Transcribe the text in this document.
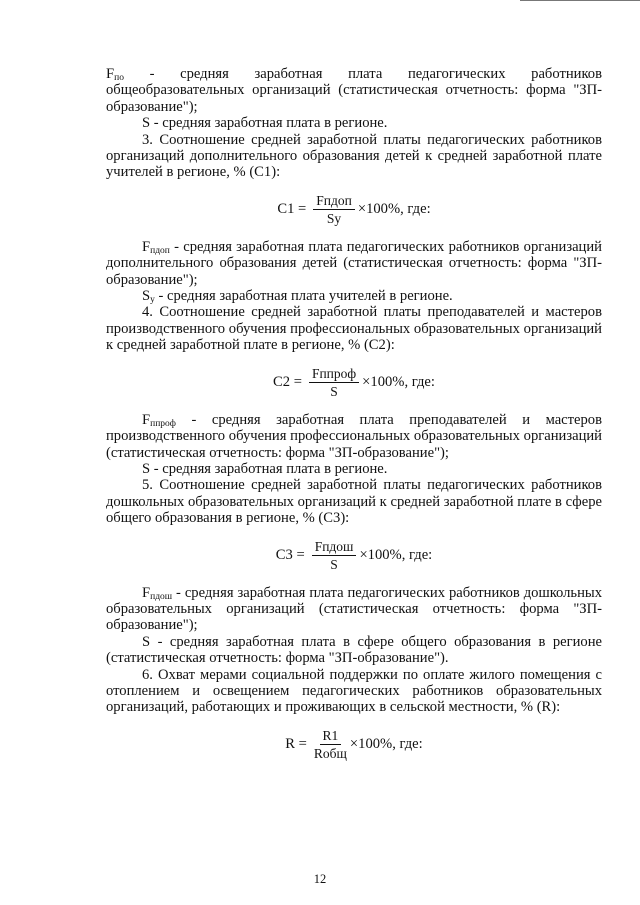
$F_{по}$ - средняя заработная плата педагогических работников общеобразовательных организаций (статистическая отчетность: форма "ЗП-образование");

S - средняя заработная плата в регионе.

3. Соотношение средней заработной платы педагогических работников организаций дополнительного образования детей к средней заработной плате учителей в регионе, % (С1):

$С1 = \frac{\text{Fпдоп}}{Sy} \times 100\%$, где:

$F_{пдоп}$ - средняя заработная плата педагогических работников организаций дополнительного образования детей (статистическая отчетность: форма "ЗП-образование");

$S_y$ - средняя заработная плата учителей в регионе.

4. Соотношение средней заработной платы преподавателей и мастеров производственного обучения профессиональных образовательных организаций к средней заработной плате в регионе, % (С2):

$С2 = \frac{\text{Fппроф}}{S} \times 100\%$, где:

$F_{ппроф}$ - средняя заработная плата преподавателей и мастеров производственного обучения профессиональных образовательных организаций (статистическая отчетность: форма "ЗП-образование");

S - средняя заработная плата в регионе.

5. Соотношение средней заработной платы педагогических работников дошкольных образовательных организаций к средней заработной плате в сфере общего образования в регионе, % (С3):

$С3 = \frac{\text{Fпдош}}{S} \times 100\%$, где:

$F_{пдош}$ - средняя заработная плата педагогических работников дошкольных образовательных организаций (статистическая отчетность: форма "ЗП-образование");

S - средняя заработная плата в сфере общего образования в регионе (статистическая отчетность: форма "ЗП-образование").

6. Охват мерами социальной поддержки по оплате жилого помещения с отоплением и освещением педагогических работников образовательных организаций, работающих и проживающих в сельской местности, % (R):

$R = \frac{R1}{\text{Rобщ}} \times 100\%$, где:
12
